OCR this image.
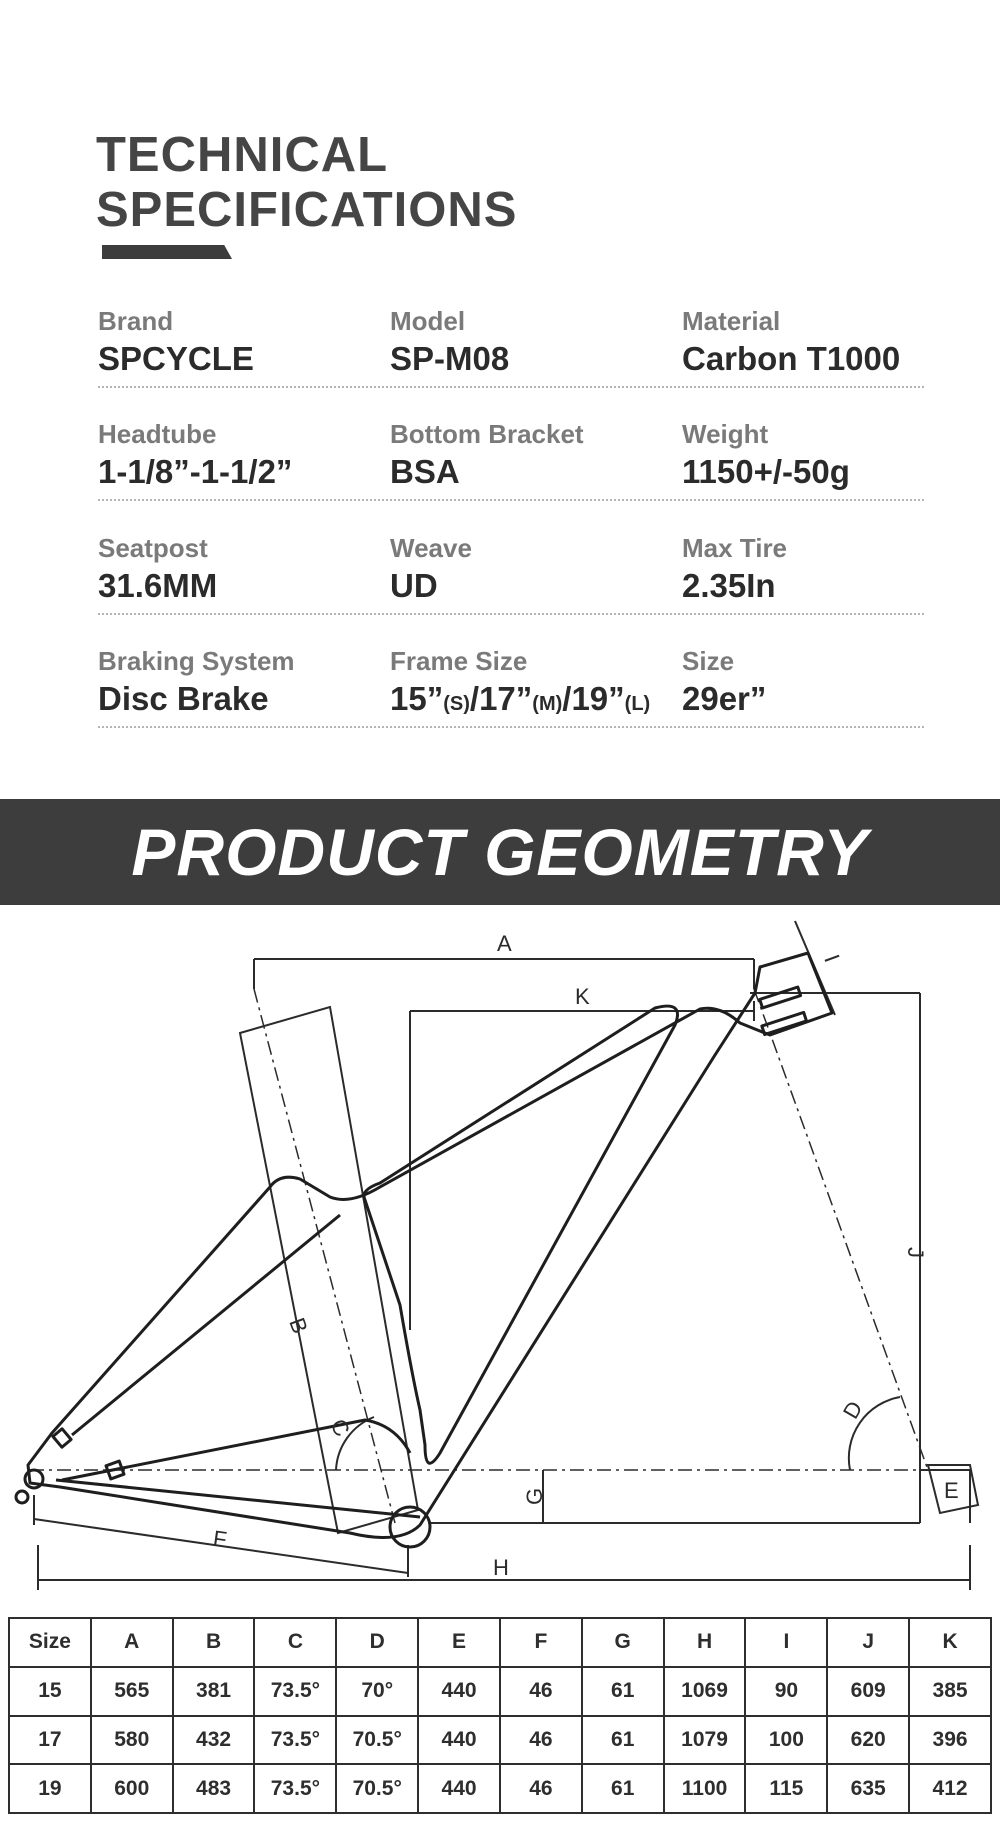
TECHNICAL
SPECIFICATIONS
Brand
SPCYCLE
Model
SP-M08
Material
Carbon T1000
Headtube
1-1/8”-1-1/2”
Bottom Bracket
BSA
Weight
1150+/-50g
Seatpost
31.6MM
Weave
UD
Max Tire
2.35In
Braking System
Disc Brake
Frame Size
15”(S)/17”(M)/19”(L)
Size
29er”
PRODUCT GEOMETRY
A
K
J
I
B
C
D
E
F
G
H
Size	A	B	C	D	E	F	G	H	I	J	K
15	565	381	73.5°	70°	440	46	61	1069	90	609	385
17	580	432	73.5°	70.5°	440	46	61	1079	100	620	396
19	600	483	73.5°	70.5°	440	46	61	1100	115	635	412
